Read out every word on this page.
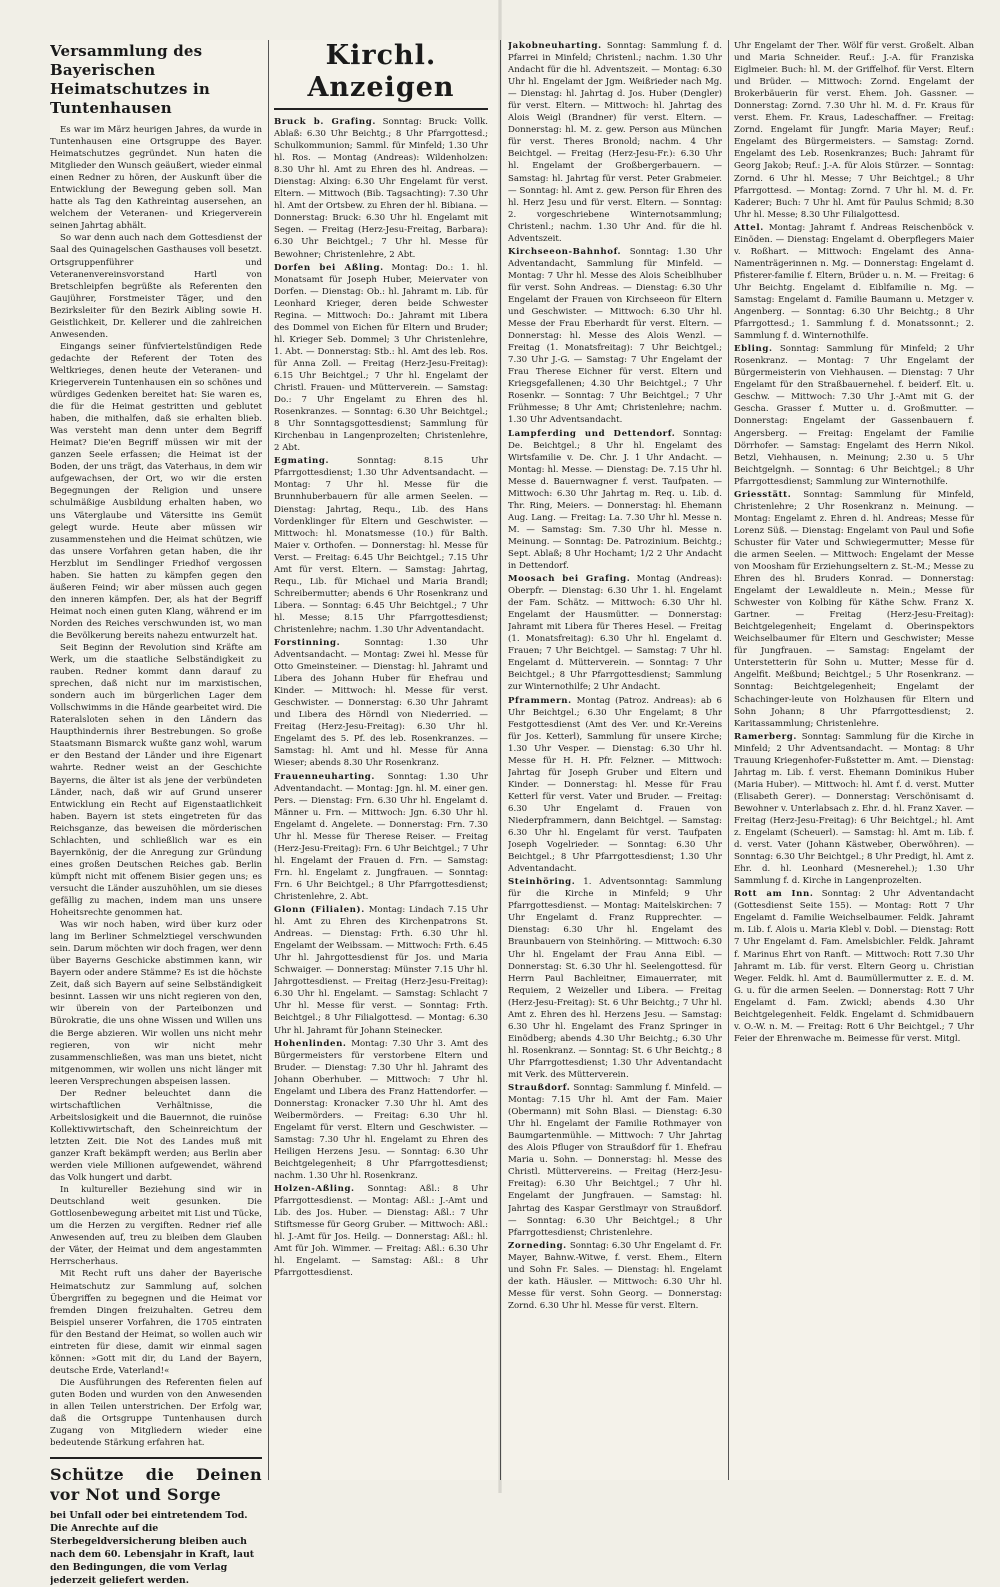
Versammlung des Bayerischen Heimatschutzes in Tuntenhausen

Es war im März heurigen Jahres, da wurde in Tuntenhausen eine Ortsgruppe des Bayer. Heimatschutzes gegründet. Nun haten die Mitglieder den Wunsch geäußert, wieder einmal einen Redner zu hören, der Auskunft über die Entwicklung der Bewegung geben soll. Man hatte als Tag den Kathreintag ausersehen, an welchem der Veteranen- und Kriegerverein seinen Jahrtag abhält.

So war denn auch nach dem Gottesdienst der Saal des Quinagelschen Gasthauses voll besetzt. Ortsgruppenführer und Veteranenvereinsvorstand Hartl von Bretschleipfen begrüßte als Referenten den Gaujührer, Forstmeister Täger, und den Bezirksleiter für den Bezirk Aibling sowie H. Geistlichkeit, Dr. Kellerer und die zahlreichen Anwesenden.

Eingangs seiner fünfviertelstündigen Rede gedachte der Referent der Toten des Weltkrieges, denen heute der Veteranen- und Kriegerverein Tuntenhausen ein so schönes und würdiges Gedenken bereitet hat: Sie waren es, die für die Heimat gestritten und geblutet haben, die mithalfen, daß sie erhalten blieb. Was versteht man denn unter dem Begriff Heimat? Die'en Begriff müssen wir mit der ganzen Seele erfassen; die Heimat ist der Boden, der uns trägt, das Vaterhaus, in dem wir aufgewachsen, der Ort, wo wir die ersten Begegnungen der Religion und unsere schulmäßige Ausbildung erhalten haben, wo uns Väterglaube und Vätersitte ins Gemüt gelegt wurde. Heute aber müssen wir zusammenstehen und die Heimat schützen, wie das unsere Vorfahren getan haben, die ihr Herzblut im Sendlinger Friedhof vergossen haben. Sie hatten zu kämpfen gegen den äußeren Feind; wir aber müssen auch gegen den inneren kämpfen. Der, als hat der Begriff Heimat noch einen guten Klang, während er im Norden des Reiches verschwunden ist, wo man die Bevölkerung bereits nahezu entwurzelt hat.

Seit Beginn der Revolution sind Kräfte am Werk, um die staatliche Selbständigkeit zu rauben. Redner kommt dann darauf zu sprechen, daß nicht nur im marxistischen, sondern auch im bürgerlichen Lager dem Vollschwimms in die Hände gearbeitet wird. Die Rateralsloten sehen in den Ländern das Haupthindernis ihrer Bestrebungen. So große Staatsmann Bismarck wußte ganz wohl, warum er den Bestand der Länder und ihre Eigenart wahrte. Redner weist an der Geschichte Bayerns, die älter ist als jene der verbündeten Länder, nach, daß wir auf Grund unserer Entwicklung ein Recht auf Eigenstaatlichkeit haben. Bayern ist stets eingetreten für das Reichsganze, das beweisen die mörderischen Schlachten, und schließlich war es ein Bayernkönig, der die Anregung zur Gründung eines großen Deutschen Reiches gab. Berlin kümpft nicht mit offenem Bisier gegen uns; es versucht die Länder auszuhöhlen, um sie dieses gefällig zu machen, indem man uns unsere Hoheitsrechte genommen hat.

Was wir noch haben, wird über kurz oder lang im Berliner Schmelztiegel verschwunden sein. Darum möchten wir doch fragen, wer denn über Bayerns Geschicke abstimmen kann, wir Bayern oder andere Stämme? Es ist die höchste Zeit, daß sich Bayern auf seine Selbständigkeit besinnt. Lassen wir uns nicht regieren von den, wir überein von der Parteibonzen und Bürokratie, die uns ohne Wissen und Willen uns die Berge abzieren. Wir wollen uns nicht mehr regieren, von wir nicht mehr zusammenschließen, was man uns bietet, nicht mitgenommen, wir wollen uns nicht länger mit leeren Versprechungen abspeisen lassen.

Der Redner beleuchtet dann die wirtschaftlichen Verhältnisse, die Arbeitslosigkeit und die Bauernnot, die ruinöse Kollektivwirtschaft, den Scheinreichtum der letzten Zeit. Die Not des Landes muß mit ganzer Kraft bekämpft werden; aus Berlin aber werden viele Millionen aufgewendet, während das Volk hungert und darbt.

In kultureller Beziehung sind wir in Deutschland weit gesunken. Die Gottlosenbewegung arbeitet mit List und Tücke, um die Herzen zu vergiften. Redner rief alle Anwesenden auf, treu zu bleiben dem Glauben der Väter, der Heimat und dem angestammten Herrscherhaus.

Mit Recht ruft uns daher der Bayerische Heimatschutz zur Sammlung auf, solchen Übergriffen zu begegnen und die Heimat vor fremden Dingen freizuhalten. Getreu dem Beispiel unserer Vorfahren, die 1705 eintraten für den Bestand der Heimat, so wollen auch wir eintreten für diese, damit wir einmal sagen können: »Gott mit dir, du Land der Bayern, deutsche Erde, Vaterland!«

Die Ausführungen des Referenten fielen auf guten Boden und wurden von den Anwesenden in allen Teilen unterstrichen. Der Erfolg war, daß die Ortsgruppe Tuntenhausen durch Zugang von Mitgliedern wieder eine bedeutende Stärkung erfahren hat.

Schütze die Deinen vor Not und Sorge
bei Unfall oder bei eintretendem Tod. Die Anrechte auf die Sterbegeldversicherung bleiben auch nach dem 60. Lebensjahr in Kraft, laut den Bedingungen, die vom Verlag jederzeit geliefert werden.
Kirchl. Anzeigen
Bruck b. Grafing. Sonntag: Bruck: Vollk. Ablaß: 6.30 Uhr Beichtg.; 8 Uhr Pfarrgottesd.; Schulkommunion; Samml. für Minfeld; 1.30 Uhr hl. Ros. — Montag (Andreas): Wildenholzen: 8.30 Uhr hl. Amt zu Ehren des hl. Andreas. — Dienstag: Alxing: 6.30 Uhr Engelamt für verst. Eltern. — Mittwoch (Bib. Tagsachting): 7.30 Uhr hl. Amt der Ortsbew. zu Ehren der hl. Bibiana. — Donnerstag: Bruck: 6.30 Uhr hl. Engelamt mit Segen. — Freitag (Herz-Jesu-Freitag, Barbara): 6.30 Uhr Beichtgel.; 7 Uhr hl. Messe für Bewohner; Christenlehre, 2 Abt.
Dorfen bei Aßling. Montag: Do.: 1. hl. Monatsamt für Joseph Huber, Meiervater von Dorfen. — Dienstag: Ob.: hl. Jahramt m. Lib. für Leonhard Krieger, deren beide Schwester Regina. — Mittwoch: Do.: Jahramt mit Libera des Dommel von Eichen für Eltern und Bruder; hl. Krieger Seb. Dommel; 3 Uhr Christenlehre, 1. Abt. — Donnerstag: Stb.: hl. Amt des leb. Ros. für Anna Zoll. — Freitag (Herz-Jesu-Freitag): 6.15 Uhr Beichtgel.; 7 Uhr hl. Engelamt der Christl. Frauen- und Mütterverein. — Samstag: Do.: 7 Uhr Engelamt zu Ehren des hl. Rosenkranzes. — Sonntag: 6.30 Uhr Beichtgel.; 8 Uhr Sonntagsgottesdienst; Sammlung für Kirchenbau in Langenprozelten; Christenlehre, 2 Abt.
Egmating.	Sonntag: 8.15 Uhr Pfarrgottesdienst; 1.30 Uhr Adventsandacht. — Montag: 7 Uhr hl. Messe für die Brunnhuberbauern für alle armen Seelen. — Dienstag: Jahrtag, Requ., Lib. des Hans Vordenklinger für Eltern und Geschwister. — Mittwoch: hl. Monatsmesse (10.) für Balth. Maier v. Orthofen. — Donnerstag: hl. Messe für Verst. — Freitag: 6.45 Uhr Beichtgel.; 7.15 Uhr Amt für verst. Eltern. — Samstag: Jahrtag, Requ., Lib. für Michael und Maria Brandl; Schreibermutter; abends 6 Uhr Rosenkranz und Libera. — Sonntag: 6.45 Uhr Beichtgel.; 7 Uhr hl. Messe; 8.15 Uhr Pfarrgottesdienst; Christenlehre; nachm. 1.30 Uhr Adventandacht.
Forstinning.	Sonntag: 1.30 Uhr Adventsandacht. — Montag: Zwei hl. Messe für Otto Gmeinsteiner. — Dienstag: hl. Jahramt und Libera des Johann Huber für Ehefrau und Kinder. — Mittwoch: hl. Messe für verst. Geschwister. — Donnerstag: 6.30 Uhr Jahramt und Libera des Hörndl von Niederried. — Freitag (Herz-Jesu-Freitag): 6.30 Uhr hl. Engelamt des 5. Pf. des leb. Rosenkranzes. — Samstag: hl. Amt und hl. Messe für Anna Wieser; abends 8.30 Uhr Rosenkranz.
Frauenneuharting. Sonntag: 1.30 Uhr Adventandacht. — Montag: Jgn. hl. M. einer gen. Pers. — Dienstag: Frn. 6.30 Uhr hl. Engelamt d. Männer u. Frn. — Mittwoch: Jgn. 6.30 Uhr hl. Engelamt d. Angelete. — Donnerstag: Frn. 7.30 Uhr hl. Messe für Therese Reiser. — Freitag (Herz-Jesu-Freitag): Frn. 6 Uhr Beichtgel.; 7 Uhr hl. Engelamt der Frauen d. Frn. — Samstag: Frn. hl. Engelamt z. Jungfrauen. — Sonntag: Frn. 6 Uhr Beichtgel.; 8 Uhr Pfarrgottesdienst; Christenlehre, 2. Abt.
Glonn (Filialen). Montag: Lindach 7.15 Uhr hl. Amt zu Ehren des Kirchenpatrons St. Andreas. — Dienstag: Frth. 6.30 Uhr hl. Engelamt der Weibssam. — Mittwoch: Frth. 6.45 Uhr hl. Jahrgottesdienst für Jos. und Maria Schwaiger. — Donnerstag: Münster 7.15 Uhr hl. Jahrgottesdienst. — Freitag (Herz-Jesu-Freitag): 6.30 Uhr hl. Engelamt. — Samstag: Schlacht 7 Uhr hl. Messe für verst. — Sonntag: Frth. Beichtgel.; 8 Uhr Filialgottesd. — Montag: 6.30 Uhr hl. Jahramt für Johann Steinecker.
Hohenlinden. Montag: 7.30 Uhr 3. Amt des Bürgermeisters für verstorbene Eltern und Bruder. — Dienstag: 7.30 Uhr hl. Jahramt des Johann Oberhuber. — Mittwoch: 7 Uhr hl. Engelamt und Libera des Franz Hattendorfer. — Donnerstag: Kronacker 7.30 Uhr hl. Amt des Weibermörders. — Freitag: 6.30 Uhr hl. Engelamt für verst. Eltern und Geschwister. — Samstag: 7.30 Uhr hl. Engelamt zu Ehren des Heiligen Herzens Jesu. — Sonntag: 6.30 Uhr Beichtgelegenheit; 8 Uhr Pfarrgottesdienst; nachm. 1.30 Uhr hl. Rosenkranz.
Holzen-Aßling. Sonntag: Aßl.: 8 Uhr Pfarrgottesdienst. — Montag: Aßl.: J.-Amt und Lib. des Jos. Huber. — Dienstag: Aßl.: 7 Uhr Stiftsmesse für Georg Gruber. — Mittwoch: Aßl.: hl. J.-Amt für Jos. Heilg. — Donnerstag: Aßl.: hl. Amt für Joh. Wimmer. — Freitag: Aßl.: 6.30 Uhr hl. Engelamt. — Samstag: Aßl.: 8 Uhr Pfarrgottesdienst.
Jakobneuharting. Sonntag: Sammlung f. d. Pfarrei in Minfeld; Christenl.; nachm. 1.30 Uhr Andacht für die hl. Adventszeit. — Montag: 6.30 Uhr hl. Engelamt der Jgm. Weißrieder nach Mg. — Dienstag: hl. Jahrtag d. Jos. Huber (Dengler) für verst. Eltern. — Mittwoch: hl. Jahrtag des Alois Weigl (Brandner) für verst. Eltern. — Donnerstag: hl. M. z. gew. Person aus München für verst. Theres Bronold; nachm. 4 Uhr Beichtgel. — Freitag (Herz-Jesu-Fr.): 6.30 Uhr hl. Engelamt der Großbergerbauern. — Samstag: hl. Jahrtag für verst. Peter Grabmeier. — Sonntag: hl. Amt z. gew. Person für Ehren des hl. Herz Jesu und für verst. Eltern. — Sonntag: 2. vorgeschriebene Winternotsammlung; Christenl.; nachm. 1.30 Uhr And. für die hl. Adventszeit.
Kirchseeon-Bahnhof. Sonntag: 1.30 Uhr Adventandacht, Sammlung für Minfeld. — Montag: 7 Uhr hl. Messe des Alois Scheiblhuber für verst. Sohn Andreas. — Dienstag: 6.30 Uhr Engelamt der Frauen von Kirchseeon für Eltern und Geschwister. — Mittwoch: 6.30 Uhr hl. Messe der Frau Eberhardt für verst. Eltern. — Donnerstag: hl. Messe des Alois Wenzl. — Freitag (1. Monatsfreitag): 7 Uhr Beichtgel.; 7.30 Uhr J.-G. — Samstag: 7 Uhr Engelamt der Frau Therese Eichner für verst. Eltern und Kriegsgefallenen; 4.30 Uhr Beichtgel.; 7 Uhr Rosenkr. — Sonntag: 7 Uhr Beichtgel.; 7 Uhr Frühmesse; 8 Uhr Amt; Christenlehre; nachm. 1.30 Uhr Adventsandacht.
Lampferding und Dettendorf. Sonntag: De. Beichtgel.; 8 Uhr hl. Engelamt des Wirtsfamilie v. De. Chr. J. 1 Uhr Andacht. — Montag: hl. Messe. — Dienstag: De. 7.15 Uhr hl. Messe d. Bauernwagner f. verst. Taufpaten. — Mittwoch: 6.30 Uhr Jahrtag m. Req. u. Lib. d. Thr. Ring, Meiers. — Donnerstag: hl. Ehemann Aug. Lang. — Freitag: La. 7.30 Uhr hl. Messe n. M. — Samstag: Sm. 7.30 Uhr hl. Messe n. Meinung. — Sonntag: De. Patrozinium. Beichtg.; Sept. Ablaß; 8 Uhr Hochamt; 1/2 2 Uhr Andacht in Dettendorf.
Moosach bei Grafing. Montag (Andreas): Oberpfr. — Dienstag: 6.30 Uhr 1. hl. Engelamt der Fam. Schätz. — Mittwoch: 6.30 Uhr hl. Engelamt der Hausmütter. — Donnerstag: Jahramt mit Libera für Theres Hesel. — Freitag (1. Monatsfreitag): 6.30 Uhr hl. Engelamt d. Frauen; 7 Uhr Beichtgel. — Samstag: 7 Uhr hl. Engelamt d. Mütterverein. — Sonntag: 7 Uhr Beichtgel.; 8 Uhr Pfarrgottesdienst; Sammlung zur Winternothilfe; 2 Uhr Andacht.
Pframmern. Montag (Patroz. Andreas): ab 6 Uhr Beichtgel.; 6.30 Uhr Engelamt; 8 Uhr Festgottesdienst (Amt des Ver. und Kr.-Vereins für Jos. Ketterl), Sammlung für unsere Kirche; 1.30 Uhr Vesper. — Dienstag: 6.30 Uhr hl. Messe für H. H. Pfr. Felzner. — Mittwoch: Jahrtag für Joseph Gruber und Eltern und Kinder. — Donnerstag: hl. Messe für Frau Ketterl für verst. Vater und Bruder. — Freitag: 6.30 Uhr Engelamt d. Frauen von Niederpframmern, dann Beichtgel. — Samstag: 6.30 Uhr hl. Engelamt für verst. Taufpaten Joseph Vogelrieder. — Sonntag: 6.30 Uhr Beichtgel.; 8 Uhr Pfarrgottesdienst; 1.30 Uhr Adventandacht.
Steinhöring. 1. Adventsonntag: Sammlung für die Kirche in Minfeld; 9 Uhr Pfarrgottesdienst. — Montag: Maitelskirchen: 7 Uhr Engelamt d. Franz Rupprechter. — Dienstag: 6.30 Uhr hl. Engelamt des Braunbauern von Steinhöring. — Mittwoch: 6.30 Uhr hl. Engelamt der Frau Anna Eibl. — Donnerstag: St. 6.30 Uhr hl. Seelengottesd. für Herrn Paul Bachleitner, Eimauerrater, mit Requiem, 2 Weizeller und Libera. — Freitag (Herz-Jesu-Freitag): St. 6 Uhr Beichtg.; 7 Uhr hl. Amt z. Ehren des hl. Herzens Jesu. — Samstag: 6.30 Uhr hl. Engelamt des Franz Springer in Einödberg; abends 4.30 Uhr Beichtg.; 6.30 Uhr hl. Rosenkranz. — Sonntag: St. 6 Uhr Beichtg.; 8 Uhr Pfarrgottesdienst; 1.30 Uhr Adventandacht mit Verk. des Mütterverein.
Straußdorf. Sonntag: Sammlung f. Minfeld. — Montag: 7.15 Uhr hl. Amt der Fam. Maier (Obermann) mit Sohn Blasi. — Dienstag: 6.30 Uhr hl. Engelamt der Familie Rothmayer von Baumgartenmühle. — Mittwoch: 7 Uhr Jahrtag des Alois Pfluger von Straußdorf für 1. Ehefrau Maria u. Sohn. — Donnerstag: hl. Messe des Christl. Müttervereins. — Freitag (Herz-Jesu-Freitag): 6.30 Uhr Beichtgel.; 7 Uhr hl. Engelamt der Jungfrauen. — Samstag: hl. Jahrtag des Kaspar Gerstlmayr von Straußdorf. — Sonntag: 6.30 Uhr Beichtgel.; 8 Uhr Pfarrgottesdienst; Christenlehre.
Zorneding. Sonntag: 6.30 Uhr Engelamt d. Fr. Mayer, Bahnw.-Witwe, f. verst. Ehem., Eltern und Sohn Fr. Sales. — Dienstag: hl. Engelamt der kath. Häusler. — Mittwoch: 6.30 Uhr hl. Messe für verst. Sohn Georg. — Donnerstag: Zornd. 6.30 Uhr hl. Messe für verst. Eltern.
Uhr Engelamt der Ther. Wölf für verst. Großelt. Alban und Maria Schneider. Reuf.: J.-A. für Franziska Eiglmeier. Buch: hl. M. der Griffelhof. für Verst. Eltern und Brüder. — Mittwoch: Zornd. Engelamt der Brokerbäuerin für verst. Ehem. Joh. Gassner. — Donnerstag: Zornd. 7.30 Uhr hl. M. d. Fr. Kraus für verst. Ehem. Fr. Kraus, Ladeschaffner. — Freitag: Zornd. Engelamt für Jungfr. Maria Mayer; Reuf.: Engelamt des Bürgermeisters. — Samstag: Zornd. Engelamt des Leb. Rosenkranzes; Buch: Jahramt für Georg Jakob; Reuf.: J.-A. für Alois Stürzer. — Sonntag: Zornd. 6 Uhr hl. Messe; 7 Uhr Beichtgel.; 8 Uhr Pfarrgottesd. — Montag: Zornd. 7 Uhr hl. M. d. Fr. Kaderer; Buch: 7 Uhr hl. Amt für Paulus Schmid; 8.30 Uhr hl. Messe; 8.30 Uhr Filialgottesd.
Attel. Montag: Jahramt f. Andreas Reischenböck v. Einöden. — Dienstag: Engelamt d. Oberpflegers Maier v. Roßhart. — Mittwoch: Engelamt des Anna-Namenträgerinnen n. Mg. — Donnerstag: Engelamt d. Pfisterer-familie f. Eltern, Brüder u. n. M. — Freitag: 6 Uhr Beichtg. Engelamt d. Eiblfamilie n. Mg. — Samstag: Engelamt d. Familie Baumann u. Metzger v. Angenberg. — Sonntag: 6.30 Uhr Beichtg.; 8 Uhr Pfarrgottesd.; 1. Sammlung f. d. Monatssonnt.; 2. Sammlung f. d. Winternothilfe.
Ebling. Sonntag: Sammlung für Minfeld; 2 Uhr Rosenkranz. — Montag: 7 Uhr Engelamt der Bürgermeisterin von Viehhausen. — Dienstag: 7 Uhr Engelamt für den Straßbauernehel. f. beiderf. Elt. u. Geschw. — Mittwoch: 7.30 Uhr J.-Amt mit G. der Gescha. Grasser f. Mutter u. d. Großmutter. — Donnerstag: Engelamt der Gassenbauern f. Angersberg. — Freitag: Engelamt der Familie Dörrhofer. — Samstag: Engelamt des Herrn Nikol. Betzl, Viehhausen, n. Meinung; 2.30 u. 5 Uhr Beichtgelgnh. — Sonntag: 6 Uhr Beichtgel.; 8 Uhr Pfarrgottesdienst; Sammlung zur Winternothilfe.
Griesstätt. Sonntag: Sammlung für Minfeld, Christenlehre; 2 Uhr Rosenkranz n. Meinung. — Montag: Engelamt z. Ehren d. hl. Andreas; Messe für Lorenz Süß. — Dienstag: Engelamt von Paul und Sofie Schuster für Vater und Schwiegermutter; Messe für die armen Seelen. — Mittwoch: Engelamt der Messe von Moosham für Erziehungseltern z. St.-M.; Messe zu Ehren des hl. Bruders Konrad. — Donnerstag: Engelamt der Lewaldleute n. Mein.; Messe für Schwester von Kolbing für Käthe Schw. Franz X. Gartner. — Freitag (Herz-Jesu-Freitag): Beichtgelegenheit; Engelamt d. Oberinspektors Weichselbaumer für Eltern und Geschwister; Messe für Jungfrauen. — Samstag: Engelamt der Unterstetterin für Sohn u. Mutter; Messe für d. Angelfit. Meßbund; Beichtgel.; 5 Uhr Rosenkranz. — Sonntag: Beichtgelegenheit; Engelamt der Schachinger-leute von Holzhausen für Eltern und Sohn Johann; 8 Uhr Pfarrgottesdienst; 2. Karitassammlung; Christenlehre.
Ramerberg. Sonntag: Sammlung für die Kirche in Minfeld; 2 Uhr Adventsandacht. — Montag: 8 Uhr Trauung Kriegenhofer-Fußstetter m. Amt. — Dienstag: Jahrtag m. Lib. f. verst. Ehemann Dominikus Huber (Maria Huber). — Mittwoch: hl. Amt f. d. verst. Mutter (Elisabeth Gerer). — Donnerstag: Verschönisamt d. Bewohner v. Unterlabsach z. Ehr. d. hl. Franz Xaver. — Freitag (Herz-Jesu-Freitag): 6 Uhr Beichtgel.; hl. Amt z. Engelamt (Scheuerl). — Samstag: hl. Amt m. Lib. f. d. verst. Vater (Johann Kästweber, Oberwöhren). — Sonntag: 6.30 Uhr Beichtgel.; 8 Uhr Predigt, hl. Amt z. Ehr. d. hl. Leonhard (Mesnerehel.); 1.30 Uhr Sammlung f. d. Kirche in Langenprozelten.
Rott am Inn. Sonntag: 2 Uhr Adventandacht (Gottesdienst Seite 155). — Montag: Rott 7 Uhr Engelamt d. Familie Weichselbaumer. Feldk. Jahramt m. Lib. f. Alois u. Maria Klebl v. Dobl. — Dienstag: Rott 7 Uhr Engelamt d. Fam. Amelsbichler. Feldk. Jahramt f. Marinus Ehrt von Ranft. — Mittwoch: Rott 7.30 Uhr Jahramt m. Lib. für verst. Eltern Georg u. Christian Weger. Feldk. hl. Amt d. Baumüllermutter z. E. d. M. G. u. für die armen Seelen. — Donnerstag: Rott 7 Uhr Engelamt d. Fam. Zwickl; abends 4.30 Uhr Beichtgelegenheit. Feldk. Engelamt d. Schmidbauern v. O.-W. n. M. — Freitag: Rott 6 Uhr Beichtgel.; 7 Uhr Feier der Ehrenwache m. Beimesse für verst. Mitgl.
